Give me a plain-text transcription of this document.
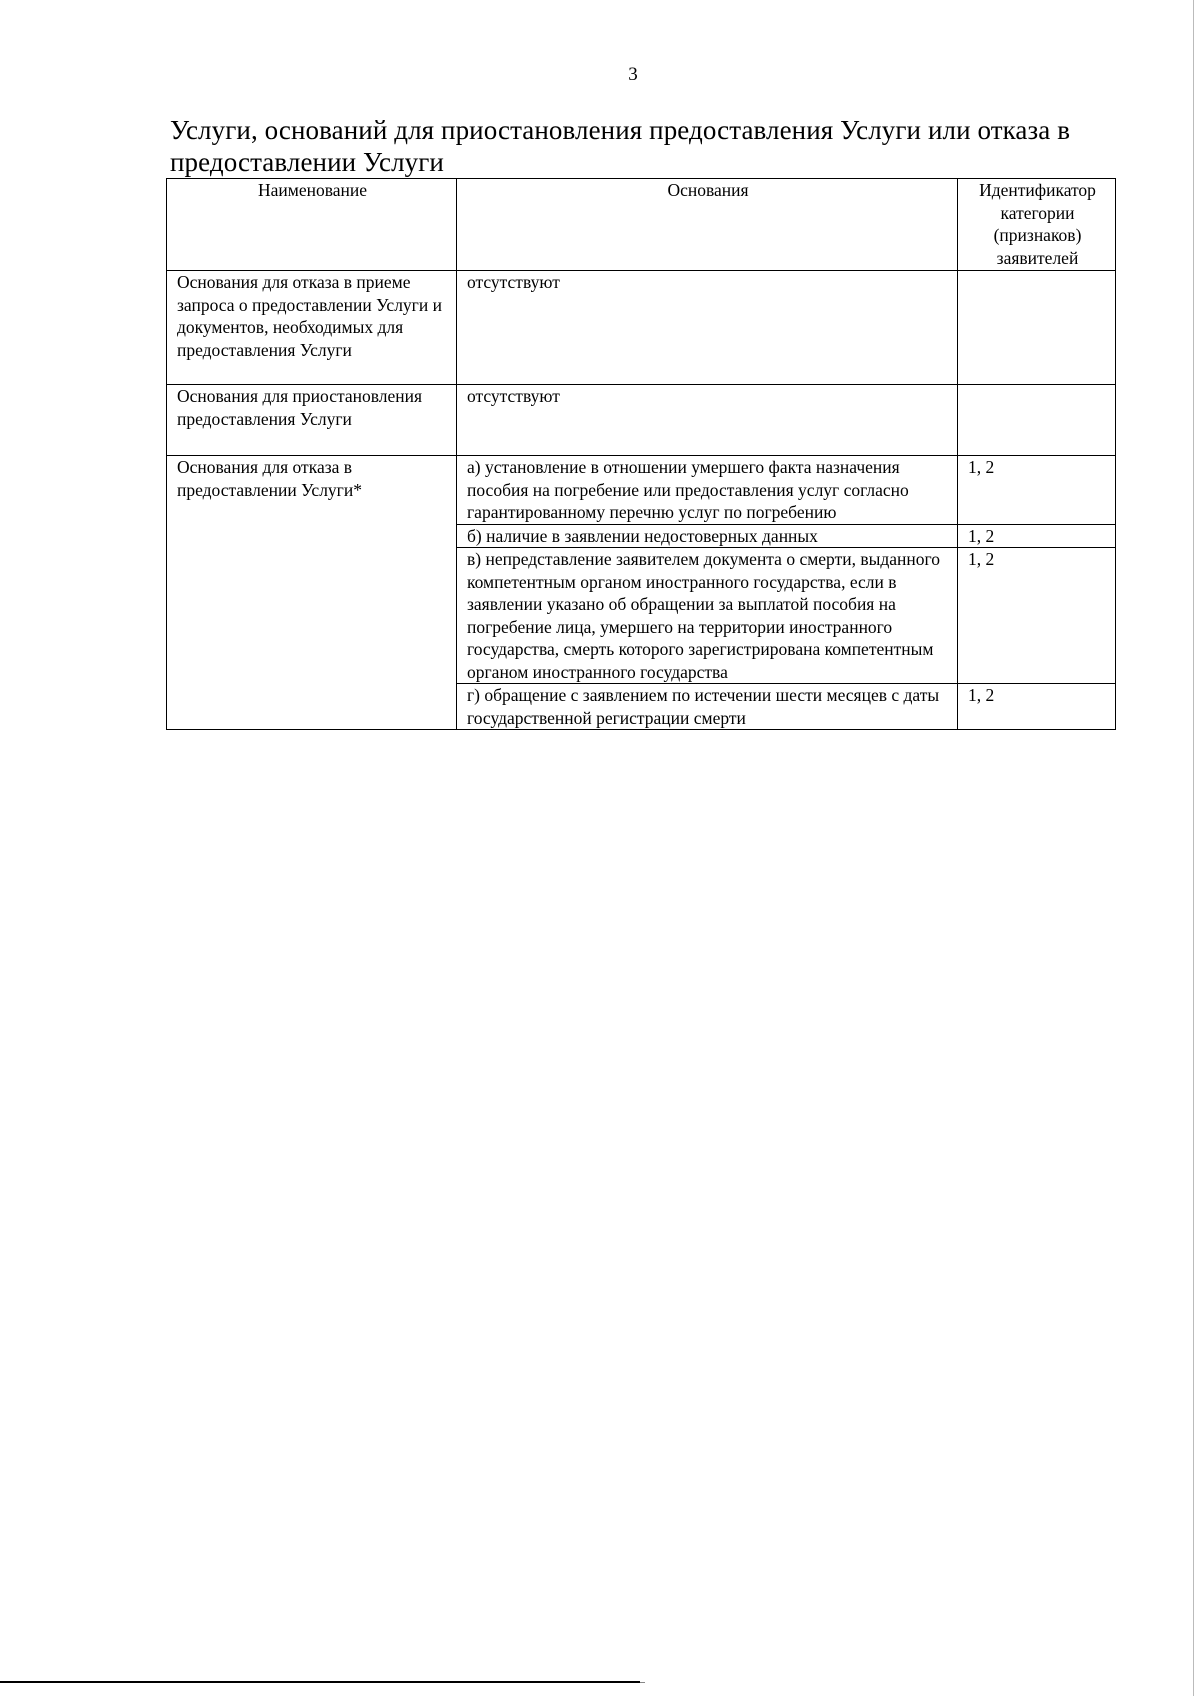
3
Услуги, оснований для приостановления предоставления Услуги или отказа в
предоставлении Услуги
Наименование	Основания	Идентификатор категории (признаков) заявителей
Основания для отказа в приеме запроса о предоставлении Услуги и документов, необходимых для предоставления Услуги	отсутствуют	
Основания для приостановления предоставления Услуги	отсутствуют	
Основания для отказа в предоставлении Услуги*	а) установление в отношении умершего факта назначения пособия на погребение или предоставления услуг согласно гарантированному перечню услуг по погребению	1, 2
	б) наличие в заявлении недостоверных данных	1, 2
	в) непредставление заявителем документа о смерти, выданного компетентным органом иностранного государства, если в заявлении указано об обращении за выплатой пособия на погребение лица, умершего на территории иностранного государства, смерть которого зарегистрирована компетентным органом иностранного государства	1, 2
	г) обращение с заявлением по истечении шести месяцев с даты государственной регистрации смерти	1, 2
